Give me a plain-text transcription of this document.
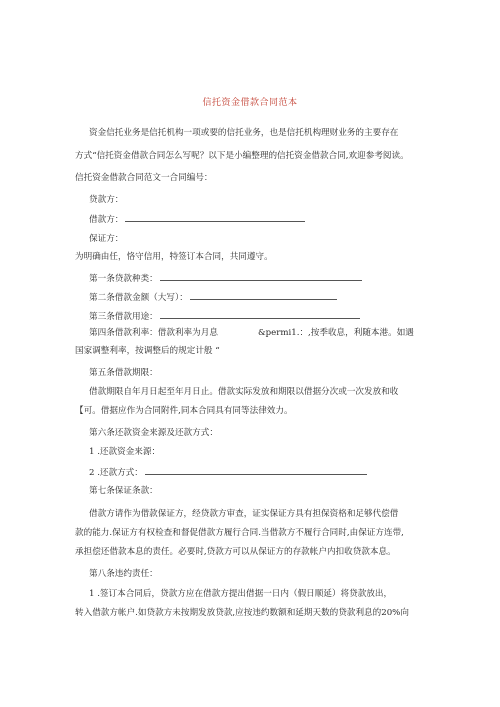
信托资金借款合同范本
资金信托业务是信托机构一项或要的信托业务，也是信托机构理财业务的主要存在
方式“信托资金借款合同怎么写呢？以下是小编整理的信托资金借款合同,欢迎参考阅读。
信托资金借款合同范文一合同编号：
贷款方：
借款方：
保证方：
为明确由任，恪守信用，特签订本合同，共同遵守。
第一条贷款种类：
第二条借款金额（大写）：
第三条借款用途：
第四条借款利率：借款利率为月息	&permi1.：,按季收息，利随本港。如遇
国家调整利率，按调整后的规定计般 “
第五条借款期限：
借款期限自年月日起至年月日止。借款实际发放和期限以借据分次或一次发放和收
【可。借据应作为合同附件,同本合同具有同等法律效力。
第六条还款资金来源及还款方式：
1 .还款资金来源：
2 .还款方式：
第七条保证条款：
借款方请作为借款保证方，经贷款方审查，证实保证方具有担保资格和足够代偿借
款的能力.保证方有权检查和督促借款方履行合同.当借款方不履行合同时,由保证方连带,
承担偿还借款本息的责任。必要时,贷款方可以从保证方的存款帐户内扣收贷款本息。
第八条违约责任：
1 .签订本合同后，贷款方应在借款方提出借据一日内（假日顺延）将贷款放出，
转入借款方帐户.如贷款方未按期发放贷款,应按违约数额和延期天数的贷款利息的20%向
